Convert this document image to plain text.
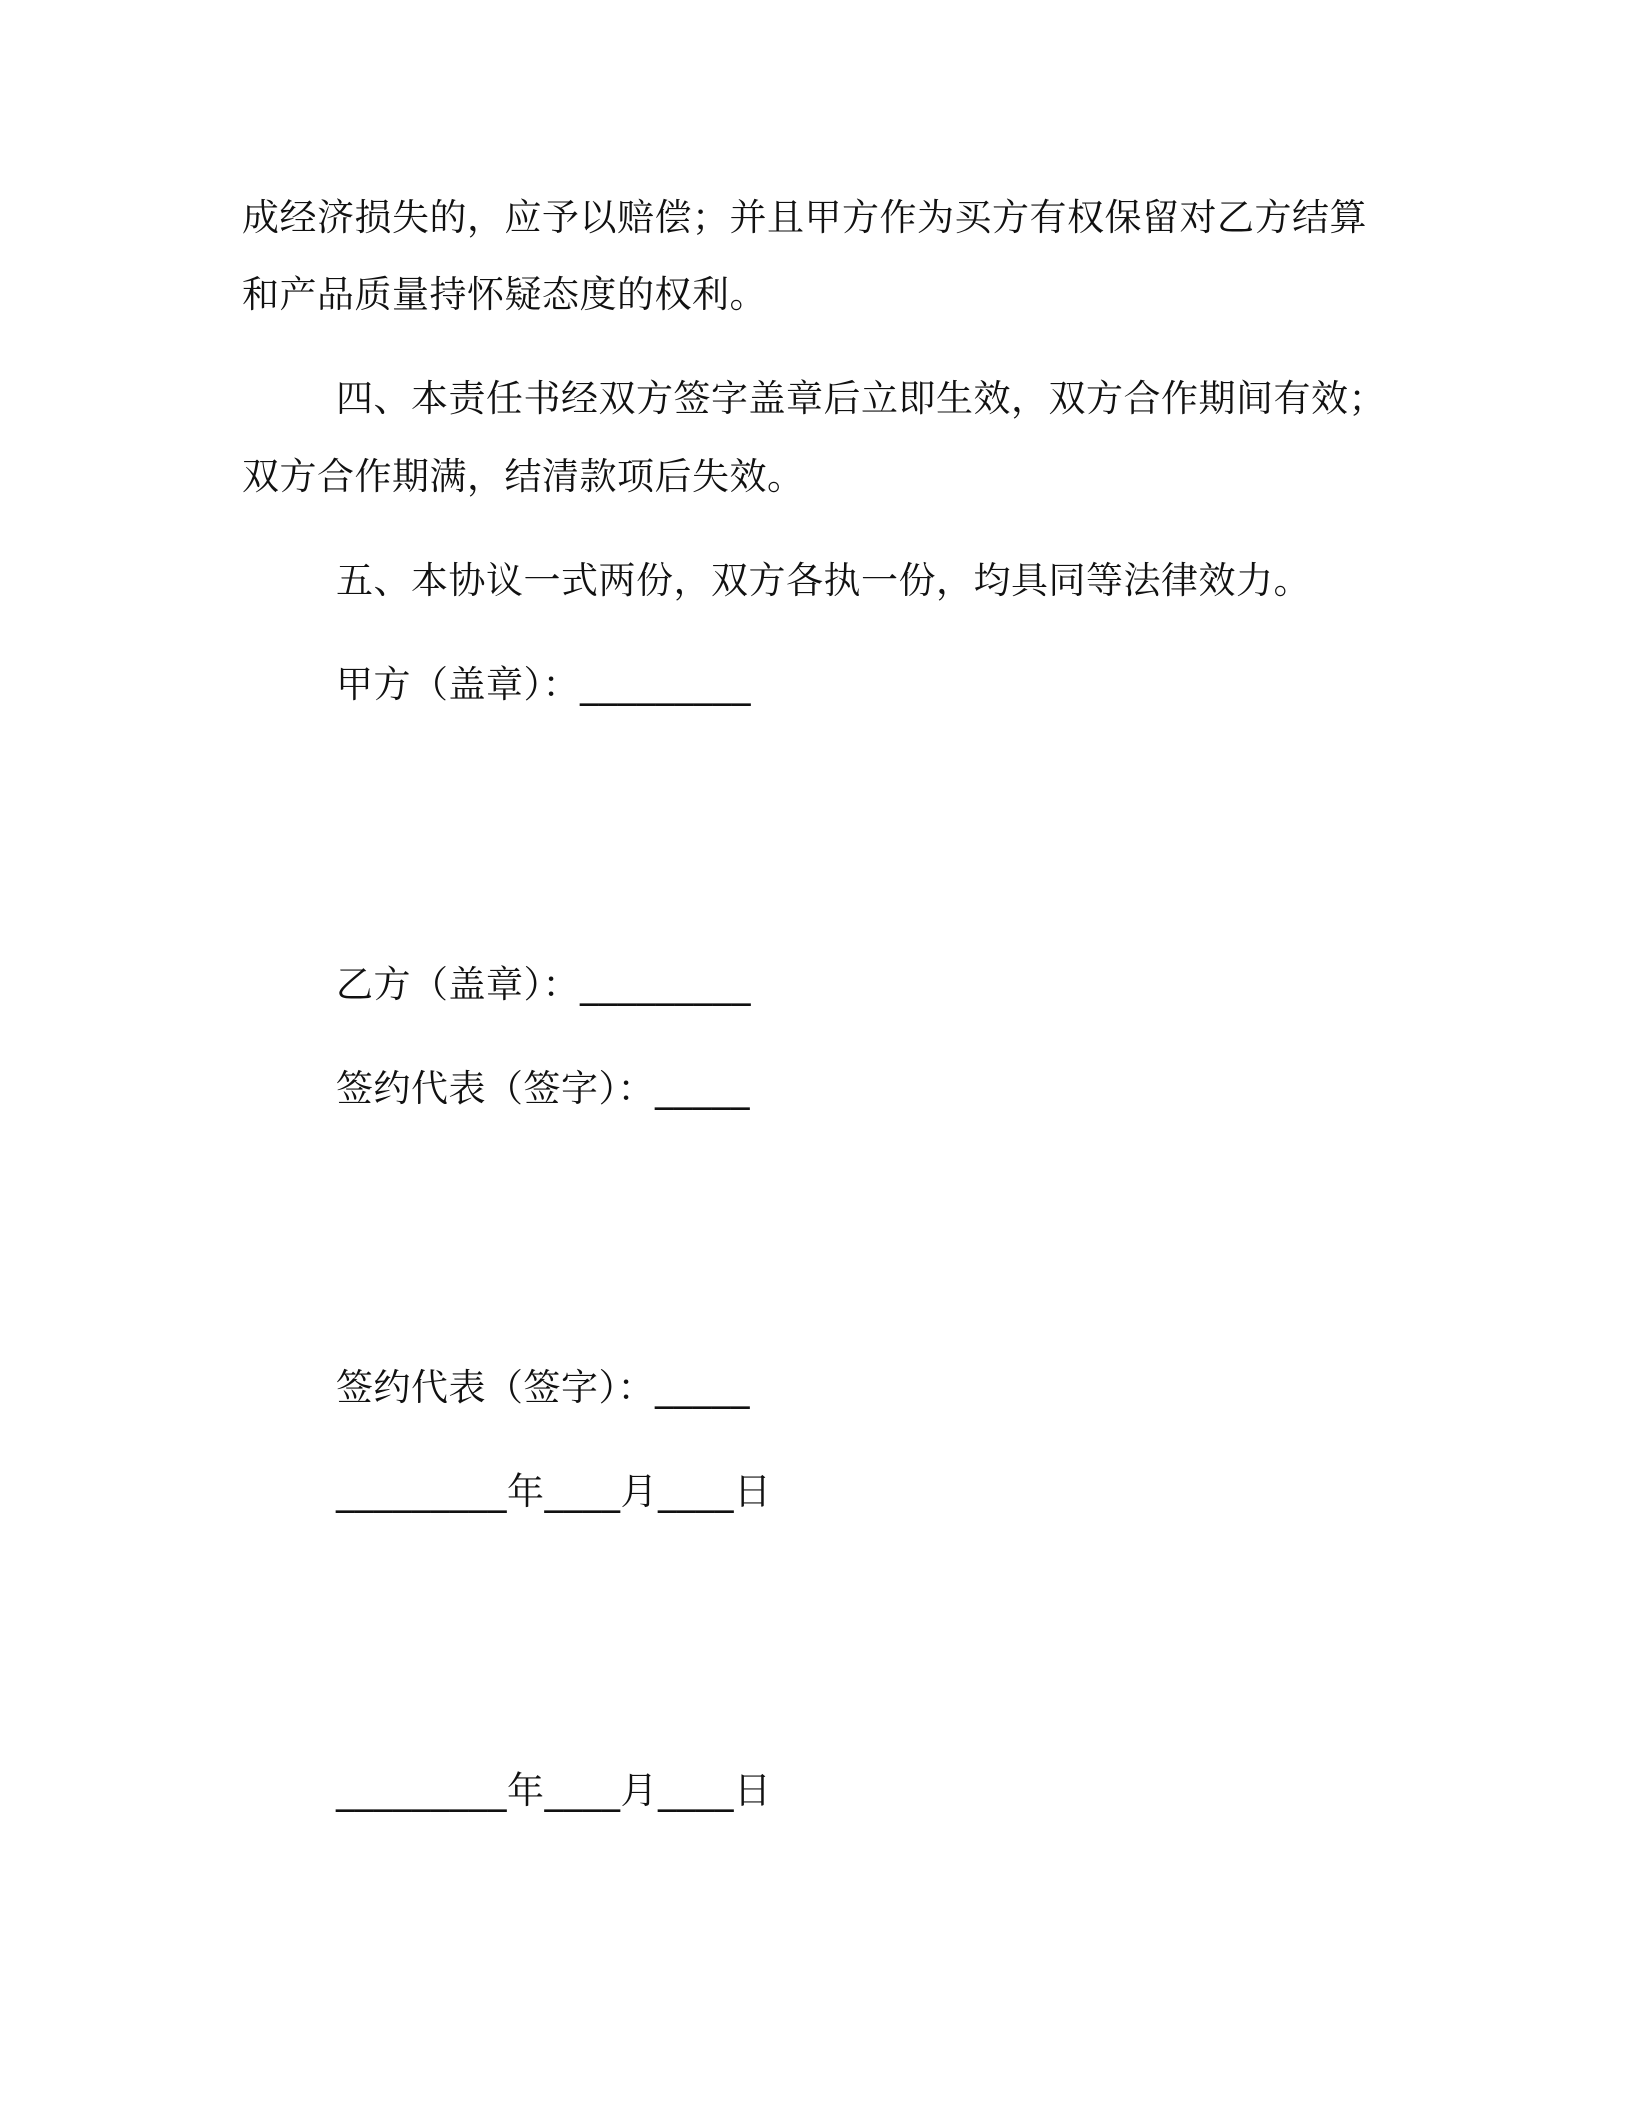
成经济损失的，应予以赔偿；并且甲方作为买方有权保留对乙方结算
和产品质量持怀疑态度的权利。
四、本责任书经双方签字盖章后立即生效，双方合作期间有效；
双方合作期满，结清款项后失效。
五、本协议一式两份，双方各执一份，均具同等法律效力。
甲方（盖章）：_________
乙方（盖章）：_________
签约代表（签字）：_____
签约代表（签字）：_____
_________年____月____日
_________年____月____日
